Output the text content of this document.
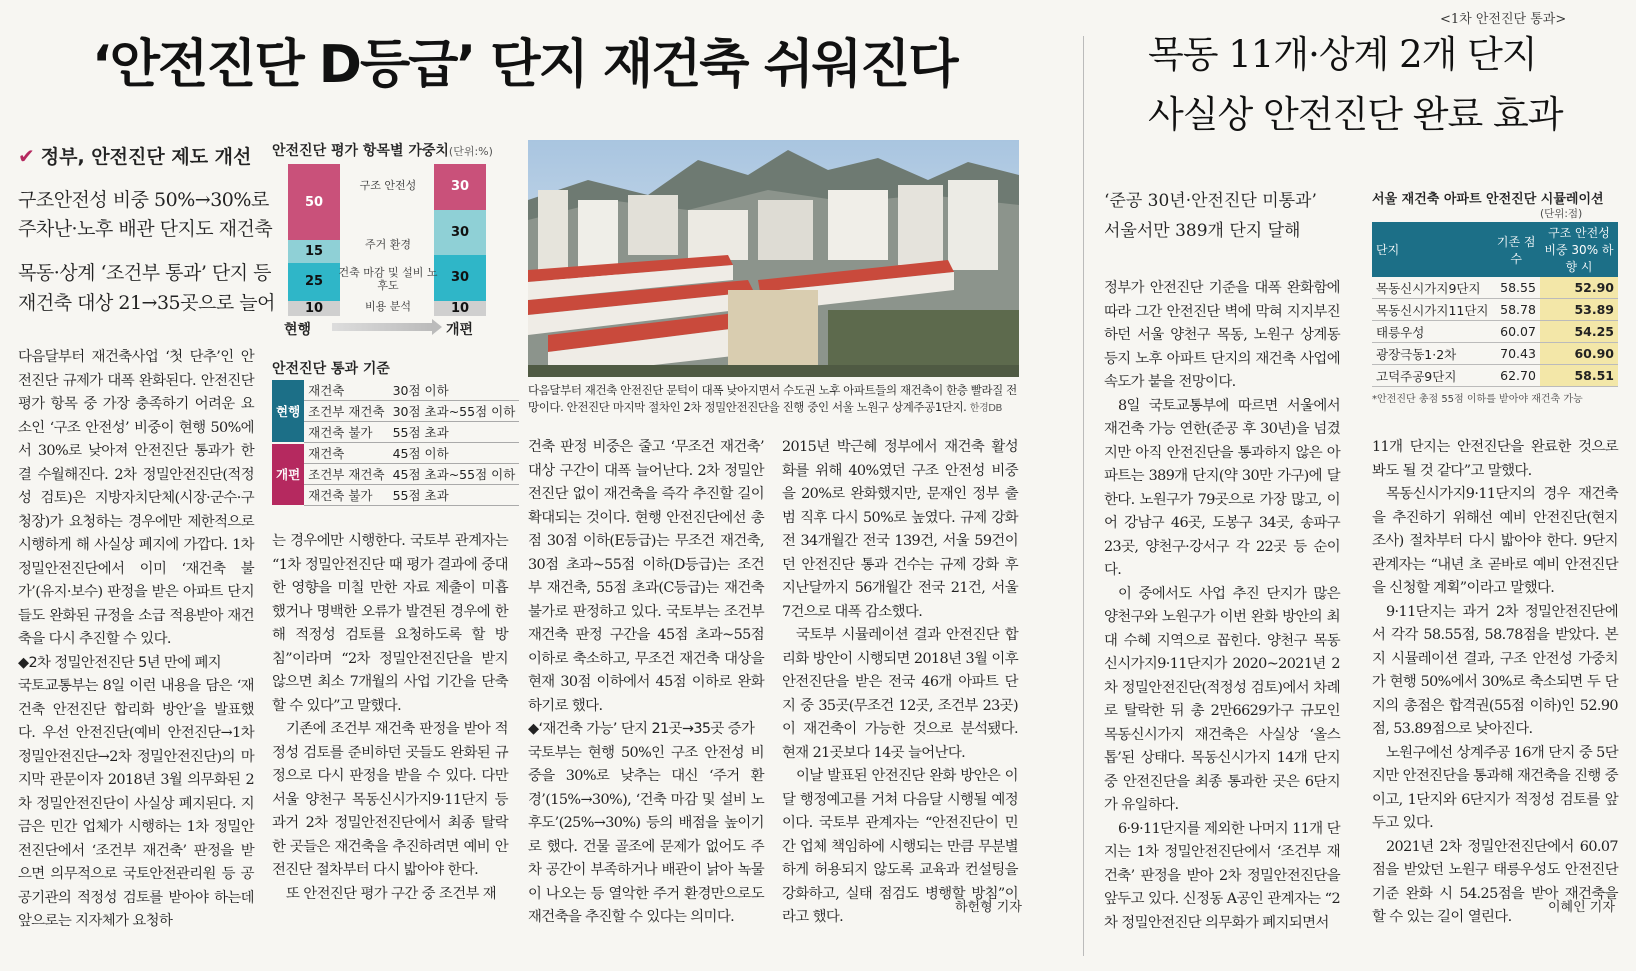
‘안전진단 D등급’ 단지 재건축 쉬워진다
<1차 안전진단 통과>
목동 11개·상계 2개 단지
사실상 안전진단 완료 효과
✔ 정부, 안전진단 제도 개선
구조안전성 비중 50%→30%로
주차난·노후 배관 단지도 재건축
목동·상계 ‘조건부 통과’ 단지 등
재건축 대상 21→35곳으로 늘어

다음달부터 재건축사업 ‘첫 단추’인 안전진단 규제가 대폭 완화된다. 안전진단 평가 항목 중 가장 충족하기 어려운 요소인 ‘구조 안전성’ 비중이 현행 50%에서 30%로 낮아져 안전진단 통과가 한결 수월해진다. 2차 정밀안전진단(적정성 검토)은 지방자치단체(시장·군수·구청장)가 요청하는 경우에만 제한적으로 시행하게 해 사실상 폐지에 가깝다. 1차 정밀안전진단에서 이미 ‘재건축 불가’(유지·보수) 판정을 받은 아파트 단지들도 완화된 규정을 소급 적용받아 재건축을 다시 추진할 수 있다.

◆2차 정밀안전진단 5년 만에 폐지

국토교통부는 8일 이런 내용을 담은 ‘재건축 안전진단 합리화 방안’을 발표했다. 우선 안전진단(예비 안전진단→1차 정밀안전진단→2차 정밀안전진단)의 마지막 관문이자 2018년 3월 의무화된 2차 정밀안전진단이 사실상 폐지된다. 지금은 민간 업체가 시행하는 1차 정밀안전진단에서 ‘조건부 재건축’ 판정을 받으면 의무적으로 국토안전관리원 등 공공기관의 적정성 검토를 받아야 하는데 앞으로는 지자체가 요청하

안전진단 평가 항목별 가중치(단위:%)
50
15
25
10
30
30
30
10
구조 안전성
주거 환경
건축 마감 및 설비 노후도
비용 분석
현행	개편
안전진단 통과 기준
현행	재건축	30점 이하
	조건부 재건축	30점 초과~55점 이하
	재건축 불가	55점 초과
개편	재건축	45점 이하
	조건부 재건축	45점 초과~55점 이하
	재건축 불가	55점 초과

는 경우에만 시행한다. 국토부 관계자는 “1차 정밀안전진단 때 평가 결과에 중대한 영향을 미칠 만한 자료 제출이 미흡했거나 명백한 오류가 발견된 경우에 한해 적정성 검토를 요청하도록 할 방침”이라며 “2차 정밀안전진단을 받지 않으면 최소 7개월의 사업 기간을 단축할 수 있다”고 말했다.

기존에 조건부 재건축 판정을 받아 적정성 검토를 준비하던 곳들도 완화된 규정으로 다시 판정을 받을 수 있다. 다만 서울 양천구 목동신시가지9·11단지 등 과거 2차 정밀안전진단에서 최종 탈락한 곳들은 재건축을 추진하려면 예비 안전진단 절차부터 다시 밟아야 한다.

또 안전진단 평가 구간 중 조건부 재

다음달부터 재건축 안전진단 문턱이 대폭 낮아지면서 수도권 노후 아파트들의 재건축이 한층 빨라질 전망이다. 안전진단 마지막 절차인 2차 정밀안전진단을 진행 중인 서울 노원구 상계주공1단지. 한경DB

건축 판정 비중은 줄고 ‘무조건 재건축’ 대상 구간이 대폭 늘어난다. 2차 정밀안전진단 없이 재건축을 즉각 추진할 길이 확대되는 것이다. 현행 안전진단에선 총점 30점 이하(E등급)는 무조건 재건축, 30점 초과~55점 이하(D등급)는 조건부 재건축, 55점 초과(C등급)는 재건축 불가로 판정하고 있다. 국토부는 조건부 재건축 판정 구간을 45점 초과~55점 이하로 축소하고, 무조건 재건축 대상을 현재 30점 이하에서 45점 이하로 완화하기로 했다.

◆‘재건축 가능’ 단지 21곳→35곳 증가

국토부는 현행 50%인 구조 안전성 비중을 30%로 낮추는 대신 ‘주거 환경’(15%→30%), ‘건축 마감 및 설비 노후도’(25%→30%) 등의 배점을 높이기로 했다. 건물 골조에 문제가 없어도 주차 공간이 부족하거나 배관이 낡아 녹물이 나오는 등 열악한 주거 환경만으로도 재건축을 추진할 수 있다는 의미다.

2015년 박근혜 정부에서 재건축 활성화를 위해 40%였던 구조 안전성 비중을 20%로 완화했지만, 문재인 정부 출범 직후 다시 50%로 높였다. 규제 강화 전 34개월간 전국 139건, 서울 59건이던 안전진단 통과 건수는 규제 강화 후 지난달까지 56개월간 전국 21건, 서울 7건으로 대폭 감소했다.

국토부 시뮬레이션 결과 안전진단 합리화 방안이 시행되면 2018년 3월 이후 안전진단을 받은 전국 46개 아파트 단지 중 35곳(무조건 12곳, 조건부 23곳)이 재건축이 가능한 것으로 분석됐다. 현재 21곳보다 14곳 늘어난다.

이날 발표된 안전진단 완화 방안은 이달 행정예고를 거쳐 다음달 시행될 예정이다. 국토부 관계자는 “안전진단이 민간 업체 책임하에 시행되는 만큼 무분별하게 허용되지 않도록 교육과 컨설팅을 강화하고, 실태 점검도 병행할 방침”이라고 했다.

하헌형 기자
‘준공 30년·안전진단 미통과’
서울서만 389개 단지 달해

정부가 안전진단 기준을 대폭 완화함에 따라 그간 안전진단 벽에 막혀 지지부진하던 서울 양천구 목동, 노원구 상계동 등지 노후 아파트 단지의 재건축 사업에 속도가 붙을 전망이다.

8일 국토교통부에 따르면 서울에서 재건축 가능 연한(준공 후 30년)을 넘겼지만 아직 안전진단을 통과하지 않은 아파트는 389개 단지(약 30만 가구)에 달한다. 노원구가 79곳으로 가장 많고, 이어 강남구 46곳, 도봉구 34곳, 송파구 23곳, 양천구·강서구 각 22곳 등 순이다.

이 중에서도 사업 추진 단지가 많은 양천구와 노원구가 이번 완화 방안의 최대 수혜 지역으로 꼽힌다. 양천구 목동신시가지9·11단지가 2020~2021년 2차 정밀안전진단(적정성 검토)에서 차례로 탈락한 뒤 총 2만6629가구 규모인 목동신시가지 재건축은 사실상 ‘올스톱’된 상태다. 목동신시가지 14개 단지 중 안전진단을 최종 통과한 곳은 6단지가 유일하다.

6·9·11단지를 제외한 나머지 11개 단지는 1차 정밀안전진단에서 ‘조건부 재건축’ 판정을 받아 2차 정밀안전진단을 앞두고 있다. 신정동 A공인 관계자는 “2차 정밀안전진단 의무화가 폐지되면서

서울 재건축 아파트 안전진단 시뮬레이션
(단위:점)
단지	기존 점수	구조 안전성 비중 30% 하향 시
목동신시가지9단지	58.55	52.90
목동신시가지11단지	58.78	53.89
태릉우성	60.07	54.25
광장극동1·2차	70.43	60.90
고덕주공9단지	62.70	58.51
*안전진단 총점 55점 이하를 받아야 재건축 가능

11개 단지는 안전진단을 완료한 것으로 봐도 될 것 같다”고 말했다.

목동신시가지9·11단지의 경우 재건축을 추진하기 위해선 예비 안전진단(현지 조사) 절차부터 다시 밟아야 한다. 9단지 관계자는 “내년 초 곧바로 예비 안전진단을 신청할 계획”이라고 말했다.

9·11단지는 과거 2차 정밀안전진단에서 각각 58.55점, 58.78점을 받았다. 본지 시뮬레이션 결과, 구조 안전성 가중치가 현행 50%에서 30%로 축소되면 두 단지의 총점은 합격권(55점 이하)인 52.90점, 53.89점으로 낮아진다.

노원구에선 상계주공 16개 단지 중 5단지만 안전진단을 통과해 재건축을 진행 중이고, 1단지와 6단지가 적정성 검토를 앞두고 있다.

2021년 2차 정밀안전진단에서 60.07점을 받았던 노원구 태릉우성도 안전진단 기준 완화 시 54.25점을 받아 재건축을 할 수 있는 길이 열린다.

이혜인 기자
